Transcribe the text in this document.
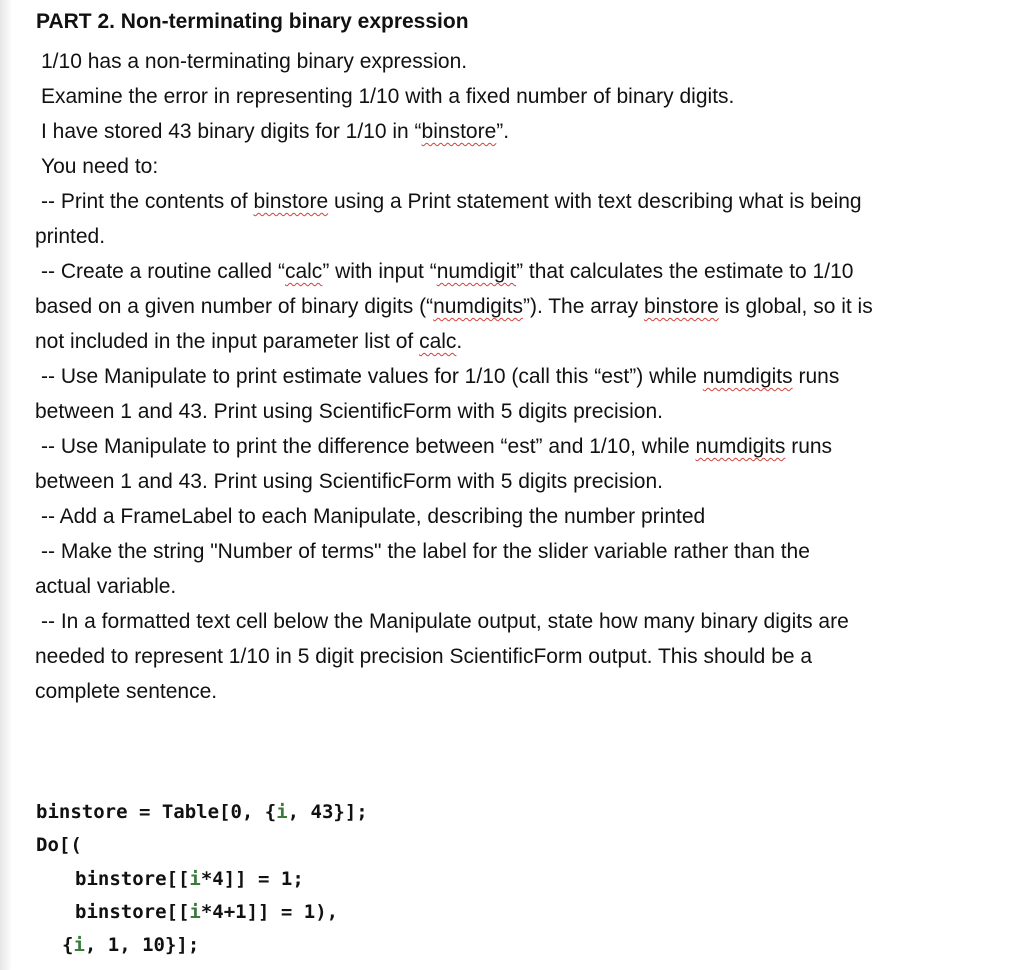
PART 2. Non-terminating binary expression
1/10 has a non-terminating binary expression.
Examine the error in representing 1/10 with a fixed number of binary digits.
I have stored 43 binary digits for 1/10 in “binstore”.
You need to:
-- Print the contents of binstore using a Print statement with text describing what is being
printed.
-- Create a routine called “calc” with input “numdigit” that calculates the estimate to 1/10
based on a given number of binary digits (“numdigits”). The array binstore is global, so it is
not included in the input parameter list of calc.
-- Use Manipulate to print estimate values for 1/10 (call this “est”) while numdigits runs
between 1 and 43. Print using ScientificForm with 5 digits precision.
-- Use Manipulate to print the difference between “est” and 1/10, while numdigits runs
between 1 and 43. Print using ScientificForm with 5 digits precision.
-- Add a FrameLabel to each Manipulate, describing the number printed
-- Make the string "Number of terms" the label for the slider variable rather than the
actual variable.
-- In a formatted text cell below the Manipulate output, state how many binary digits are
needed to represent 1/10 in 5 digit precision ScientificForm output. This should be a
complete sentence.
binstore = Table[0, {i, 43}];
Do[(
binstore[[i*4]] = 1;
binstore[[i*4+1]] = 1),
{i, 1, 10}];
